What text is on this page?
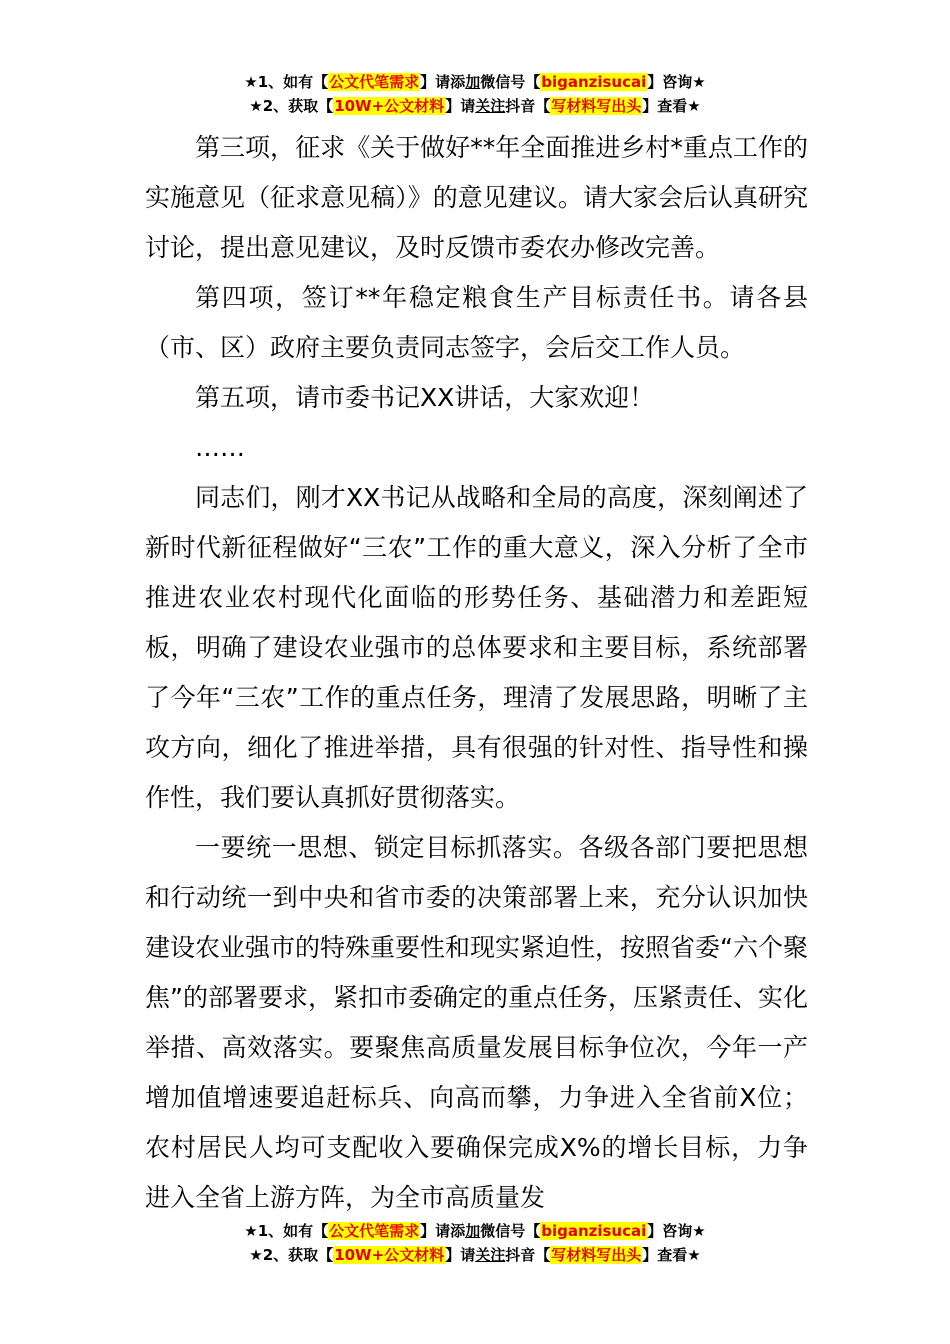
★1、如有【公文代笔需求】请添加微信号【biganzisucai】咨询★
★2、获取【10W+公文材料】请关注抖音【写材料写出头】查看★

第三项，征求《关于做好**年全面推进乡村*重点工作的实施意见（征求意见稿）》的意见建议。请大家会后认真研究讨论，提出意见建议，及时反馈市委农办修改完善。

第四项，签订**年稳定粮食生产目标责任书。请各县（市、区）政府主要负责同志签字，会后交工作人员。

第五项，请市委书记XX讲话，大家欢迎！

……

同志们，刚才XX书记从战略和全局的高度，深刻阐述了新时代新征程做好“三农”工作的重大意义，深入分析了全市推进农业农村现代化面临的形势任务、基础潜力和差距短板，明确了建设农业强市的总体要求和主要目标，系统部署了今年“三农”工作的重点任务，理清了发展思路，明晰了主攻方向，细化了推进举措，具有很强的针对性、指导性和操作性，我们要认真抓好贯彻落实。

一要统一思想、锁定目标抓落实。各级各部门要把思想和行动统一到中央和省市委的决策部署上来，充分认识加快建设农业强市的特殊重要性和现实紧迫性，按照省委“六个聚焦”的部署要求，紧扣市委确定的重点任务，压紧责任、实化举措、高效落实。要聚焦高质量发展目标争位次，今年一产增加值增速要追赶标兵、向高而攀，力争进入全省前X位；农村居民人均可支配收入要确保完成X%的增长目标，力争进入全省上游方阵，为全市高质量发

★1、如有【公文代笔需求】请添加微信号【biganzisucai】咨询★
★2、获取【10W+公文材料】请关注抖音【写材料写出头】查看★
